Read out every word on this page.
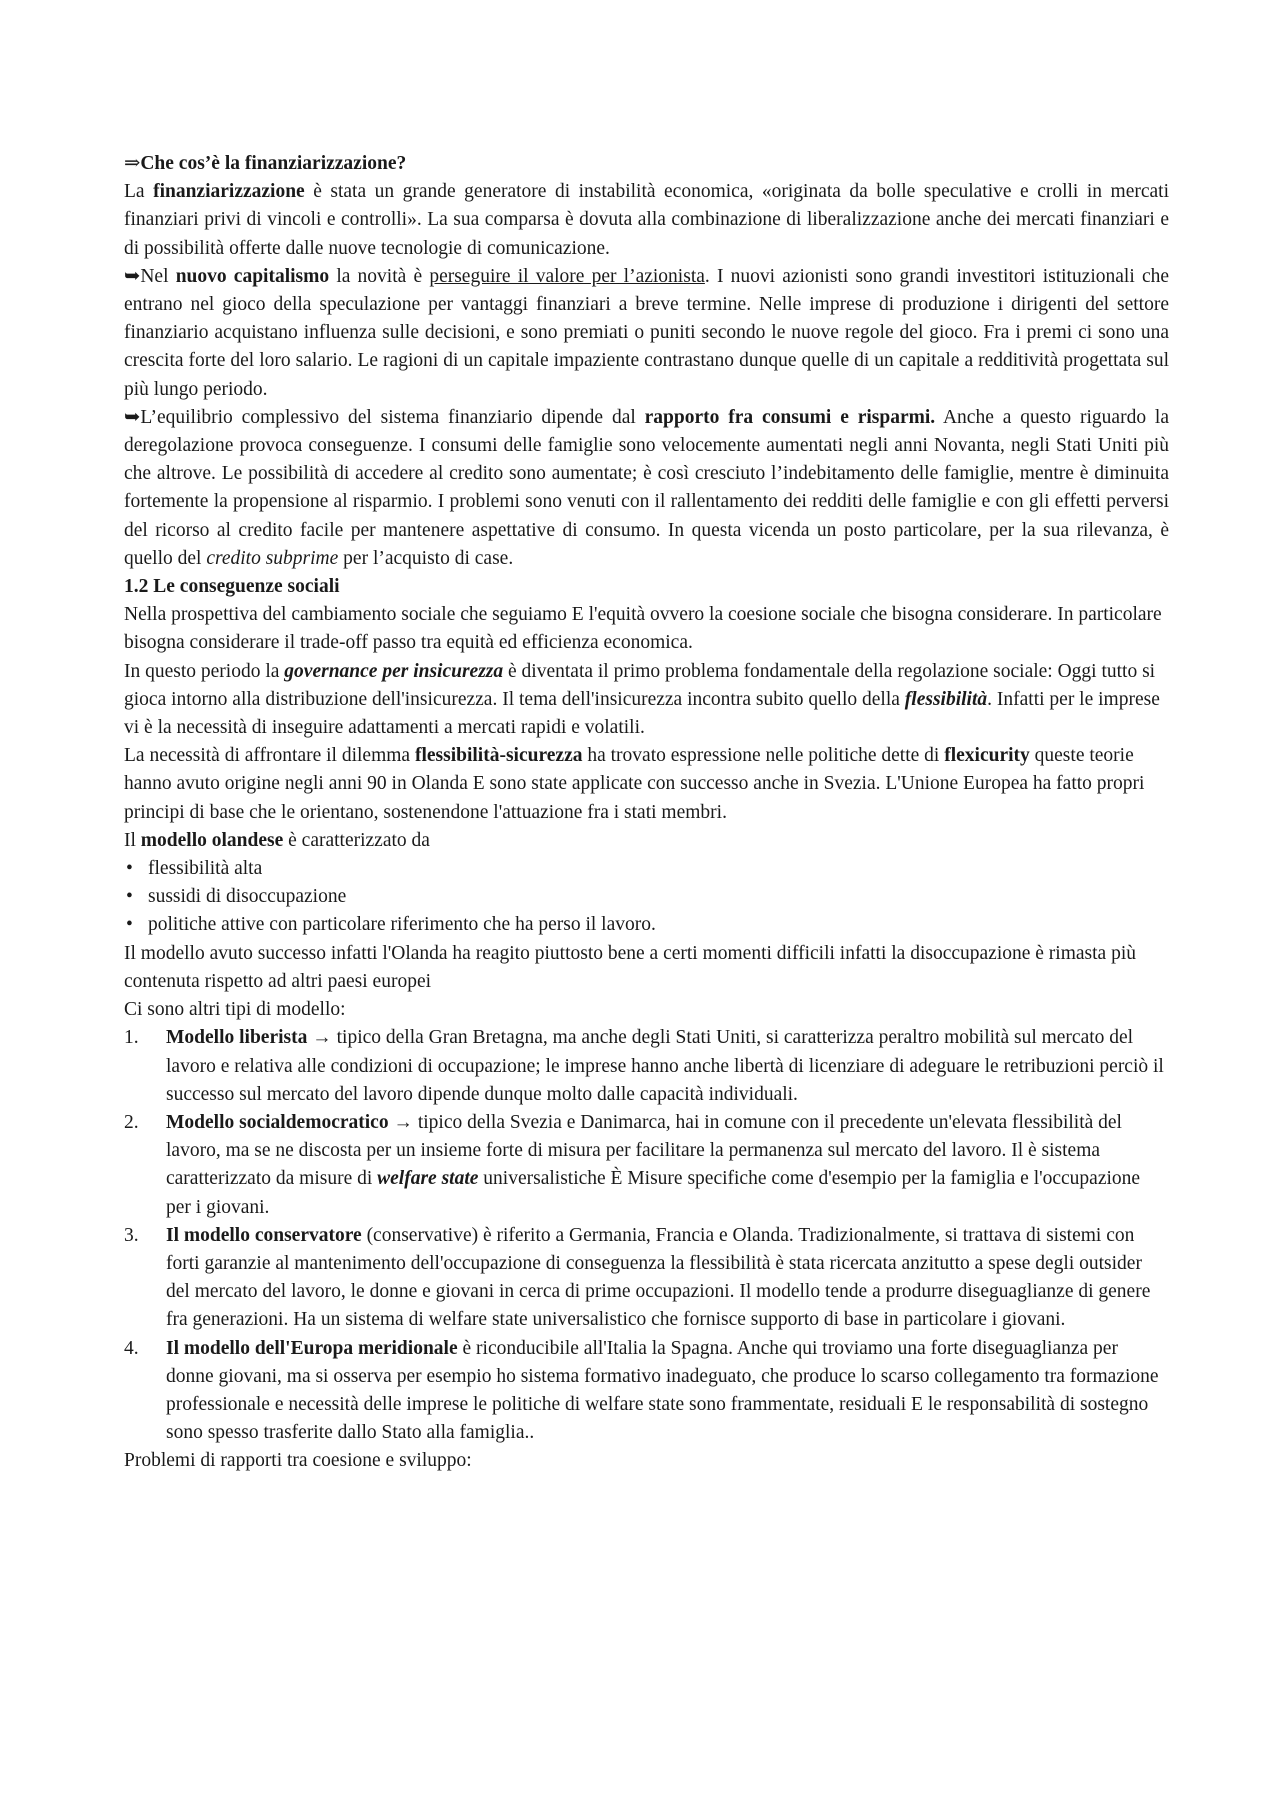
⇒Che cos’è la finanziarizzazione?

La finanziarizzazione è stata un grande generatore di instabilità economica, «originata da bolle speculative e crolli in mercati finanziari privi di vincoli e controlli». La sua comparsa è dovuta alla combinazione di liberalizzazione anche dei mercati finanziari e di possibilità offerte dalle nuove tecnologie di comunicazione.

➥Nel nuovo capitalismo la novità è perseguire il valore per l’azionista. I nuovi azionisti sono grandi investitori istituzionali che entrano nel gioco della speculazione per vantaggi finanziari a breve termine. Nelle imprese di produzione i dirigenti del settore finanziario acquistano influenza sulle decisioni, e sono premiati o puniti secondo le nuove regole del gioco. Fra i premi ci sono una crescita forte del loro salario. Le ragioni di un capitale impaziente contrastano dunque quelle di un capitale a redditività progettata sul più lungo periodo.

➥L’equilibrio complessivo del sistema finanziario dipende dal rapporto fra consumi e risparmi. Anche a questo riguardo la deregolazione provoca conseguenze. I consumi delle famiglie sono velocemente aumentati negli anni Novanta, negli Stati Uniti più che altrove. Le possibilità di accedere al credito sono aumentate; è così cresciuto l’indebitamento delle famiglie, mentre è diminuita fortemente la propensione al risparmio. I problemi sono venuti con il rallentamento dei redditi delle famiglie e con gli effetti perversi del ricorso al credito facile per mantenere aspettative di consumo. In questa vicenda un posto particolare, per la sua rilevanza, è quello del credito subprime per l’acquisto di case.

1.2 Le conseguenze sociali

Nella prospettiva del cambiamento sociale che seguiamo E l'equità ovvero la coesione sociale che bisogna considerare. In particolare bisogna considerare il trade-off passo tra equità ed efficienza economica.

In questo periodo la governance per insicurezza è diventata il primo problema fondamentale della regolazione sociale: Oggi tutto si gioca intorno alla distribuzione dell'insicurezza. Il tema dell'insicurezza incontra subito quello della flessibilità. Infatti per le imprese vi è la necessità di inseguire adattamenti a mercati rapidi e volatili.

La necessità di affrontare il dilemma flessibilità-sicurezza ha trovato espressione nelle politiche dette di flexicurity queste teorie hanno avuto origine negli anni 90 in Olanda E sono state applicate con successo anche in Svezia. L'Unione Europea ha fatto propri principi di base che le orientano, sostenendone l'attuazione fra i stati membri.

Il modello olandese è caratterizzato da

• flessibilità alta
• sussidi di disoccupazione
• politiche attive con particolare riferimento che ha perso il lavoro.

Il modello avuto successo infatti l'Olanda ha reagito piuttosto bene a certi momenti difficili infatti la disoccupazione è rimasta più contenuta rispetto ad altri paesi europei

Ci sono altri tipi di modello:

1. Modello liberista → tipico della Gran Bretagna, ma anche degli Stati Uniti, si caratterizza peraltro mobilità sul mercato del lavoro e relativa alle condizioni di occupazione; le imprese hanno anche libertà di licenziare di adeguare le retribuzioni perciò il successo sul mercato del lavoro dipende dunque molto dalle capacità individuali.
2. Modello socialdemocratico → tipico della Svezia e Danimarca, hai in comune con il precedente un'elevata flessibilità del lavoro, ma se ne discosta per un insieme forte di misura per facilitare la permanenza sul mercato del lavoro. Il è sistema caratterizzato da misure di welfare state universalistiche È Misure specifiche come d'esempio per la famiglia e l'occupazione per i giovani.
3. Il modello conservatore (conservative) è riferito a Germania, Francia e Olanda. Tradizionalmente, si trattava di sistemi con forti garanzie al mantenimento dell'occupazione di conseguenza la flessibilità è stata ricercata anzitutto a spese degli outsider del mercato del lavoro, le donne e giovani in cerca di prime occupazioni. Il modello tende a produrre diseguaglianze di genere fra generazioni. Ha un sistema di welfare state universalistico che fornisce supporto di base in particolare i giovani.
4. Il modello dell'Europa meridionale è riconducibile all'Italia la Spagna. Anche qui troviamo una forte diseguaglianza per donne giovani, ma si osserva per esempio ho sistema formativo inadeguato, che produce lo scarso collegamento tra formazione professionale e necessità delle imprese le politiche di welfare state sono frammentate, residuali E le responsabilità di sostegno sono spesso trasferite dallo Stato alla famiglia..

Problemi di rapporti tra coesione e sviluppo:
